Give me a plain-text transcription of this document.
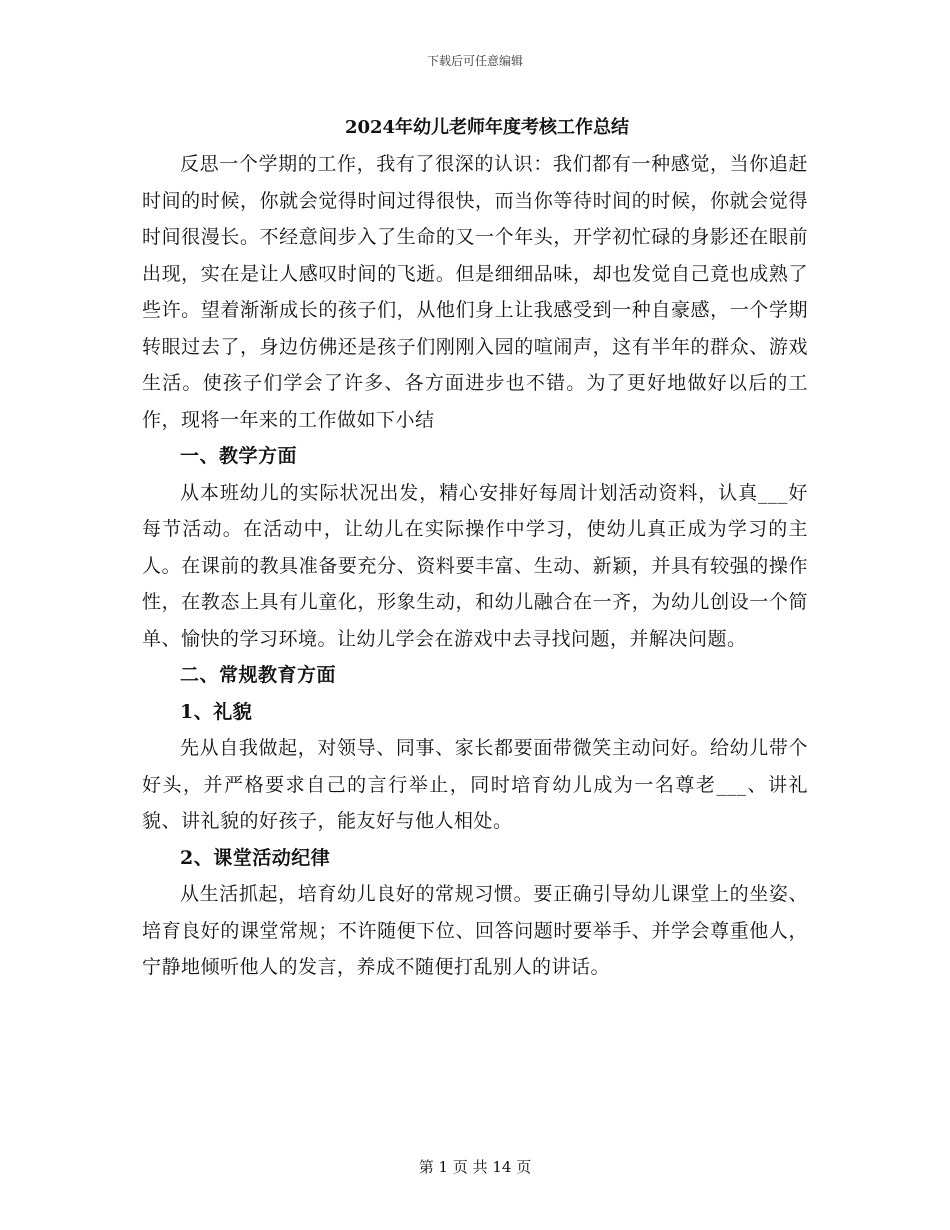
下载后可任意编辑
2024年幼儿老师年度考核工作总结

反思一个学期的工作，我有了很深的认识：我们都有一种感觉，当你追赶时间的时候，你就会觉得时间过得很快，而当你等待时间的时候，你就会觉得时间很漫长。不经意间步入了生命的又一个年头，开学初忙碌的身影还在眼前出现，实在是让人感叹时间的飞逝。但是细细品味，却也发觉自己竟也成熟了些许。望着渐渐成长的孩子们，从他们身上让我感受到一种自豪感，一个学期转眼过去了，身边仿佛还是孩子们刚刚入园的喧闹声，这有半年的群众、游戏生活。使孩子们学会了许多、各方面进步也不错。为了更好地做好以后的工作，现将一年来的工作做如下小结

一、教学方面

从本班幼儿的实际状况出发，精心安排好每周计划活动资料，认真___好每节活动。在活动中，让幼儿在实际操作中学习，使幼儿真正成为学习的主人。在课前的教具准备要充分、资料要丰富、生动、新颖，并具有较强的操作性，在教态上具有儿童化，形象生动，和幼儿融合在一齐，为幼儿创设一个简单、愉快的学习环境。让幼儿学会在游戏中去寻找问题，并解决问题。

二、常规教育方面

1、礼貌

先从自我做起，对领导、同事、家长都要面带微笑主动问好。给幼儿带个好头，并严格要求自己的言行举止，同时培育幼儿成为一名尊老___、讲礼貌、讲礼貌的好孩子，能友好与他人相处。

2、课堂活动纪律

从生活抓起，培育幼儿良好的常规习惯。要正确引导幼儿课堂上的坐姿、培育良好的课堂常规；不许随便下位、回答问题时要举手、并学会尊重他人，宁静地倾听他人的发言，养成不随便打乱别人的讲话。

第 1 页 共 14 页
